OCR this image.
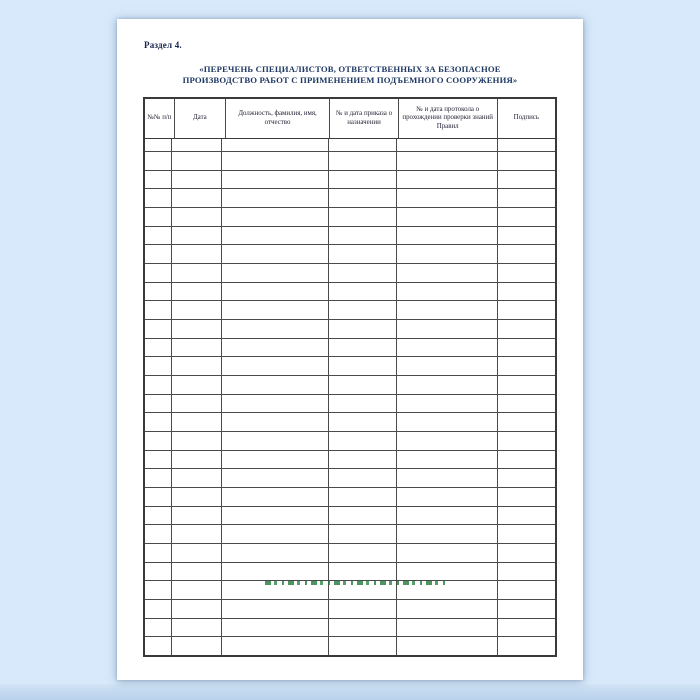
Раздел 4.
«ПЕРЕЧЕНЬ СПЕЦИАЛИСТОВ, ОТВЕТСТВЕННЫХ ЗА БЕЗОПАСНОЕ
ПРОИЗВОДСТВО РАБОТ С ПРИМЕНЕНИЕМ ПОДЪЕМНОГО СООРУЖЕНИЯ»
№№ п/п	Дата
Должность, фамилия, имя, отчество
№ и дата приказа о назначении
№ и дата протокола о прохождении проверки знаний Правил
Подпись
